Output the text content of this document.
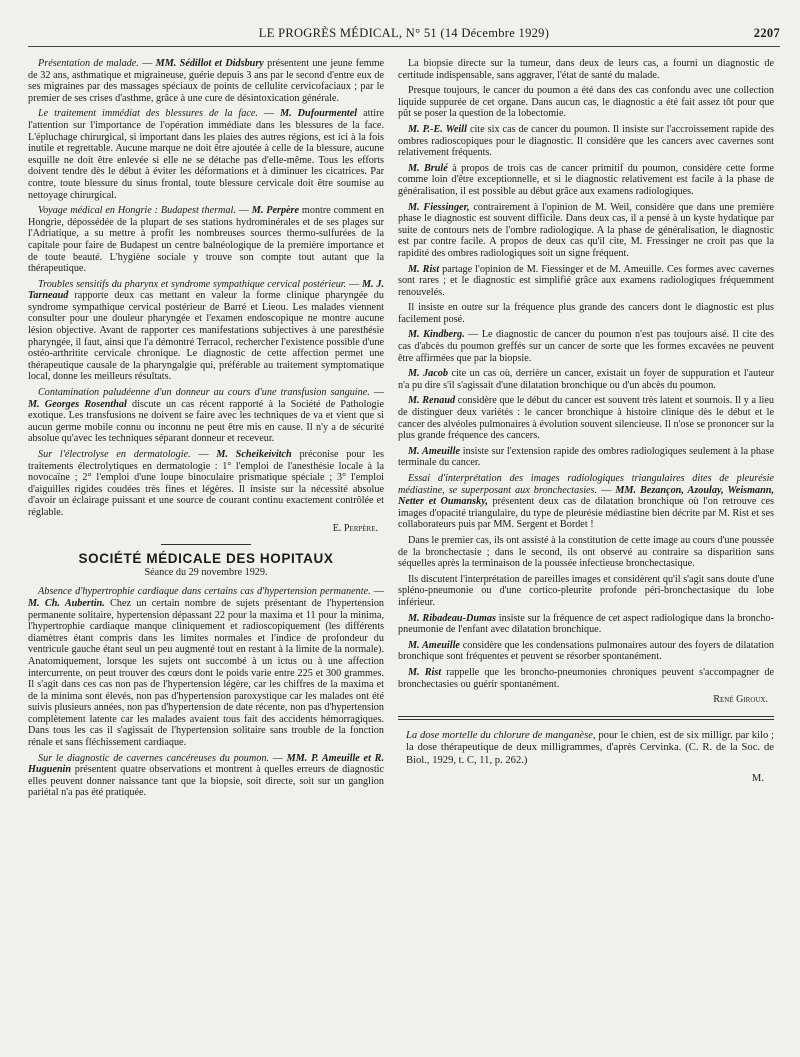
LE PROGRÈS MÉDICAL, N° 51 (14 Décembre 1929)	2207

Présentation de malade. — MM. Sédillot et Didsbury présentent une jeune femme de 32 ans, asthmatique et migraineuse, guérie depuis 3 ans par le second d'entre eux de ses migraines par des massages spéciaux de points de cellulite cervicofaciaux ; par le premier de ses crises d'asthme, grâce à une cure de désintoxication générale.

Le traitement immédiat des blessures de la face. — M. Dufourmentel attire l'attention sur l'importance de l'opération immédiate dans les blessures de la face. L'épluchage chirurgical, si important dans les plaies des autres régions, est ici à la fois inutile et regrettable. Aucune marque ne doit être ajoutée à celle de la blessure, aucune esquille ne doit être enlevée si elle ne se détache pas d'elle-même. Tous les efforts doivent tendre dès le début à éviter les déformations et à diminuer les cicatrices. Par contre, toute blessure du sinus frontal, toute blessure cervicale doit être soumise au nettoyage chirurgical.

Voyage médical en Hongrie : Budapest thermal. — M. Perpère montre comment en Hongrie, dépossédée de la plupart de ses stations hydrominérales et de ses plages sur l'Adriatique, a su mettre à profit les nombreuses sources thermo-sulfurées de la capitale pour faire de Budapest un centre balnéologique de la première importance et de toute beauté. L'hygiène sociale y trouve son compte tout autant que la thérapeutique.

Troubles sensitifs du pharynx et syndrome sympathique cervical postérieur. — M. J. Tarneaud rapporte deux cas mettant en valeur la forme clinique pharyngée du syndrome sympathique cervical postérieur de Barré et Lieou. Les malades viennent consulter pour une douleur pharyngée et l'examen endoscopique ne montre aucune lésion objective. Avant de rapporter ces manifestations subjectives à une paresthésie pharyngée, il faut, ainsi que l'a démontré Terracol, rechercher l'existence possible d'une ostéo-arthritite cervicale chronique. Le diagnostic de cette affection permet une thérapeutique causale de la pharyngalgie qui, préférable au traitement symptomatique local, donne les meilleurs résultats.

Contamination paludéenne d'un donneur au cours d'une transfusion sanguine. — M. Georges Rosenthal discute un cas récent rapporté à la Société de Pathologie exotique. Les transfusions ne doivent se faire avec les techniques de va et vient que si aucun germe mobile connu ou inconnu ne peut être mis en cause. Il n'y a de sécurité absolue qu'avec les techniques séparant donneur et receveur.

Sur l'électrolyse en dermatologie. — M. Scheikeivitch préconise pour les traitements électrolytiques en dermatologie : 1° l'emploi de l'anesthésie locale à la novocaïne ; 2° l'emploi d'une loupe binoculaire prismatique spéciale ; 3° l'emploi d'aiguilles rigides coudées très fines et légères. Il insiste sur la nécessité absolue d'avoir un éclairage puissant et une source de courant continu exactement contrôlée et réglable.

E. Perpère.
SOCIÉTÉ MÉDICALE DES HOPITAUX
Séance du 29 novembre 1929.

Absence d'hypertrophie cardiaque dans certains cas d'hypertension permanente. — M. Ch. Aubertin. Chez un certain nombre de sujets présentant de l'hypertension permanente solitaire, hypertension dépassant 22 pour la maxima et 11 pour la minima, l'hypertrophie cardiaque manque cliniquement et radioscopiquement (les différents diamètres étant compris dans les limites normales et l'indice de profondeur du ventricule gauche étant seul un peu augmenté tout en restant à la limite de la normale). Anatomiquement, lorsque les sujets ont succombé à un ictus ou à une affection intercurrente, on peut trouver des cœurs dont le poids varie entre 225 et 300 grammes. Il s'agit dans ces cas non pas de l'hypertension légère, car les chiffres de la maxima et de la minima sont élevés, non pas d'hypertension paroxystique car les malades ont été suivis plusieurs années, non pas d'hypertension de date récente, non pas d'hypertension complètement latente car les malades avaient tous fait des accidents hémorragiques. Dans tous les cas il s'agissait de l'hypertension solitaire sans trouble de la fonction rénale et sans fléchissement cardiaque.

Sur le diagnostic de cavernes cancéreuses du poumon. — MM. P. Ameuille et R. Huguenin présentent quatre observations et montrent à quelles erreurs de diagnostic elles peuvent donner naissance tant que la biopsie, soit directe, soit sur un ganglion pariétal n'a pas été pratiquée.

La biopsie directe sur la tumeur, dans deux de leurs cas, a fourni un diagnostic de certitude indispensable, sans aggraver, l'état de santé du malade.

Presque toujours, le cancer du poumon a été dans des cas confondu avec une collection liquide suppurée de cet organe. Dans aucun cas, le diagnostic a été fait assez tôt pour que pût se poser la question de la lobectomie.

M. P.-E. Weill cite six cas de cancer du poumon. Il insiste sur l'accroissement rapide des ombres radioscopiques pour le diagnostic. Il considère que les cancers avec cavernes sont relativement fréquents.

M. Brulé à propos de trois cas de cancer primitif du poumon, considère cette forme comme loin d'être exceptionnelle, et si le diagnostic relativement est facile à la phase de généralisation, il est possible au début grâce aux examens radiologiques.

M. Fiessinger, contrairement à l'opinion de M. Weil, considère que dans une première phase le diagnostic est souvent difficile. Dans deux cas, il a pensé à un kyste hydatique par suite de contours nets de l'ombre radiologique. A la phase de généralisation, le diagnostic est par contre facile. A propos de deux cas qu'il cite, M. Fressinger ne croit pas que la rapidité des ombres radiologiques soit un signe fréquent.

M. Rist partage l'opinion de M. Fiessinger et de M. Ameuille. Ces formes avec cavernes sont rares ; et le diagnostic est simplifié grâce aux examens radiologiques fréquemment renouvelés.

Il insiste en outre sur la fréquence plus grande des cancers dont le diagnostic est plus facilement posé.

M. Kindberg. — Le diagnostic de cancer du poumon n'est pas toujours aisé. Il cite des cas d'abcès du poumon greffés sur un cancer de sorte que les formes excavées ne peuvent être affirmées que par la biopsie.

M. Jacob cite un cas où, derrière un cancer, existait un foyer de suppuration et l'auteur n'a pu dire s'il s'agissait d'une dilatation bronchique ou d'un abcès du poumon.

M. Renaud considère que le début du cancer est souvent très latent et sournois. Il y a lieu de distinguer deux variétés : le cancer bronchique à histoire clinique dès le début et le cancer des alvéoles pulmonaires à évolution souvent silencieuse. Il n'ose se prononcer sur la plus grande fréquence des cancers.

M. Ameuille insiste sur l'extension rapide des ombres radiologiques seulement à la phase terminale du cancer.

Essai d'interprétation des images radiologiques triangulaires dites de pleurésie médiastine, se superposant aux bronchectasies. — MM. Bezançon, Azoulay, Weismann, Netter et Oumansky, présentent deux cas de dilatation bronchique où l'on retrouve ces images d'opacité triangulaire, du type de pleurésie médiastine bien décrite par M. Rist et ses collaborateurs puis par MM. Sergent et Bordet !

Dans le premier cas, ils ont assisté à la constitution de cette image au cours d'une poussée de la bronchectasie ; dans le second, ils ont observé au contraire sa disparition sans séquelles après la terminaison de la poussée infectieuse bronchectasique.

Ils discutent l'interprétation de pareilles images et considèrent qu'il s'agit sans doute d'une spléno-pneumonie ou d'une cortico-pleurite profonde péri-bronchectasique du lobe inférieur.

M. Ribadeau-Dumas insiste sur la fréquence de cet aspect radiologique dans la broncho-pneumonie de l'enfant avec dilatation bronchique.

M. Ameuille considère que les condensations pulmonaires autour des foyers de dilatation bronchique sont fréquentes et peuvent se résorber spontanément.

M. Rist rappelle que les broncho-pneumonies chroniques peuvent s'accompagner de bronchectasies ou guérir spontanément.

René Giroux.
La dose mortelle du chlorure de manganèse, pour le chien, est de six milligr. par kilo ; la dose thérapeutique de deux milligrammes, d'après Cervinka. (C. R. de la Soc. de Biol., 1929, t. C, 11, p. 262.)
M.
